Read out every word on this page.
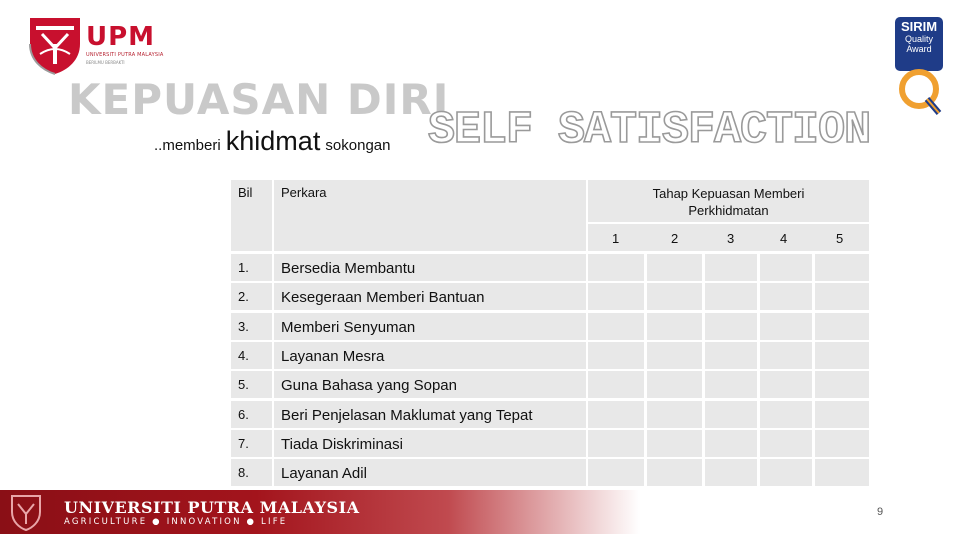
UPM
UNIVERSITI PUTRA MALAYSIA
BERILMU BERBAKTI
SIRIM
Quality
Award
KEPUASAN DIRI
..memberi khidmat sokongan SELF SATISFACTION
Bil Perkara	Tahap Kepuasan Memberi Perkhidmatan
1	2	3	4	5
1. Bersedia Membantu
2. Kesegeraan Memberi Bantuan
3. Memberi Senyuman
4. Layanan Mesra
5. Guna Bahasa yang Sopan
6. Beri Penjelasan Maklumat yang Tepat
7. Tiada Diskriminasi
8. Layanan Adil
UNIVERSITI PUTRA MALAYSIA
AGRICULTURE ● INNOVATION ● LIFE
9
